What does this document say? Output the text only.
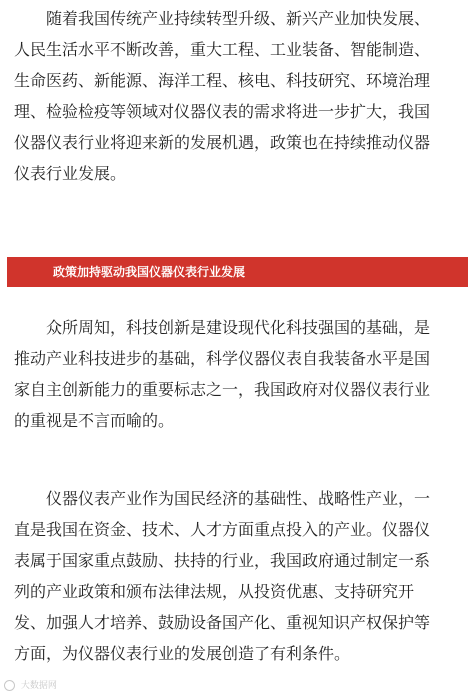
随着我国传统产业持续转型升级、新兴产业加快发展、
人民生活水平不断改善，重大工程、工业装备、智能制造、
生命医药、新能源、海洋工程、核电、科技研究、环境治理
理、检验检疫等领域对仪器仪表的需求将进一步扩大，我国
仪器仪表行业将迎来新的发展机遇，政策也在持续推动仪器
仪表行业发展。
政策加持驱动我国仪器仪表行业发展
众所周知，科技创新是建设现代化科技强国的基础，是
推动产业科技进步的基础，科学仪器仪表自我装备水平是国
家自主创新能力的重要标志之一，我国政府对仪器仪表行业
的重视是不言而喻的。
仪器仪表产业作为国民经济的基础性、战略性产业，一
直是我国在资金、技术、人才方面重点投入的产业。仪器仪
表属于国家重点鼓励、扶持的行业，我国政府通过制定一系
列的产业政策和颁布法律法规，从投资优惠、支持研究开
发、加强人才培养、鼓励设备国产化、重视知识产权保护等
方面，为仪器仪表行业的发展创造了有利条件。
大数据网
